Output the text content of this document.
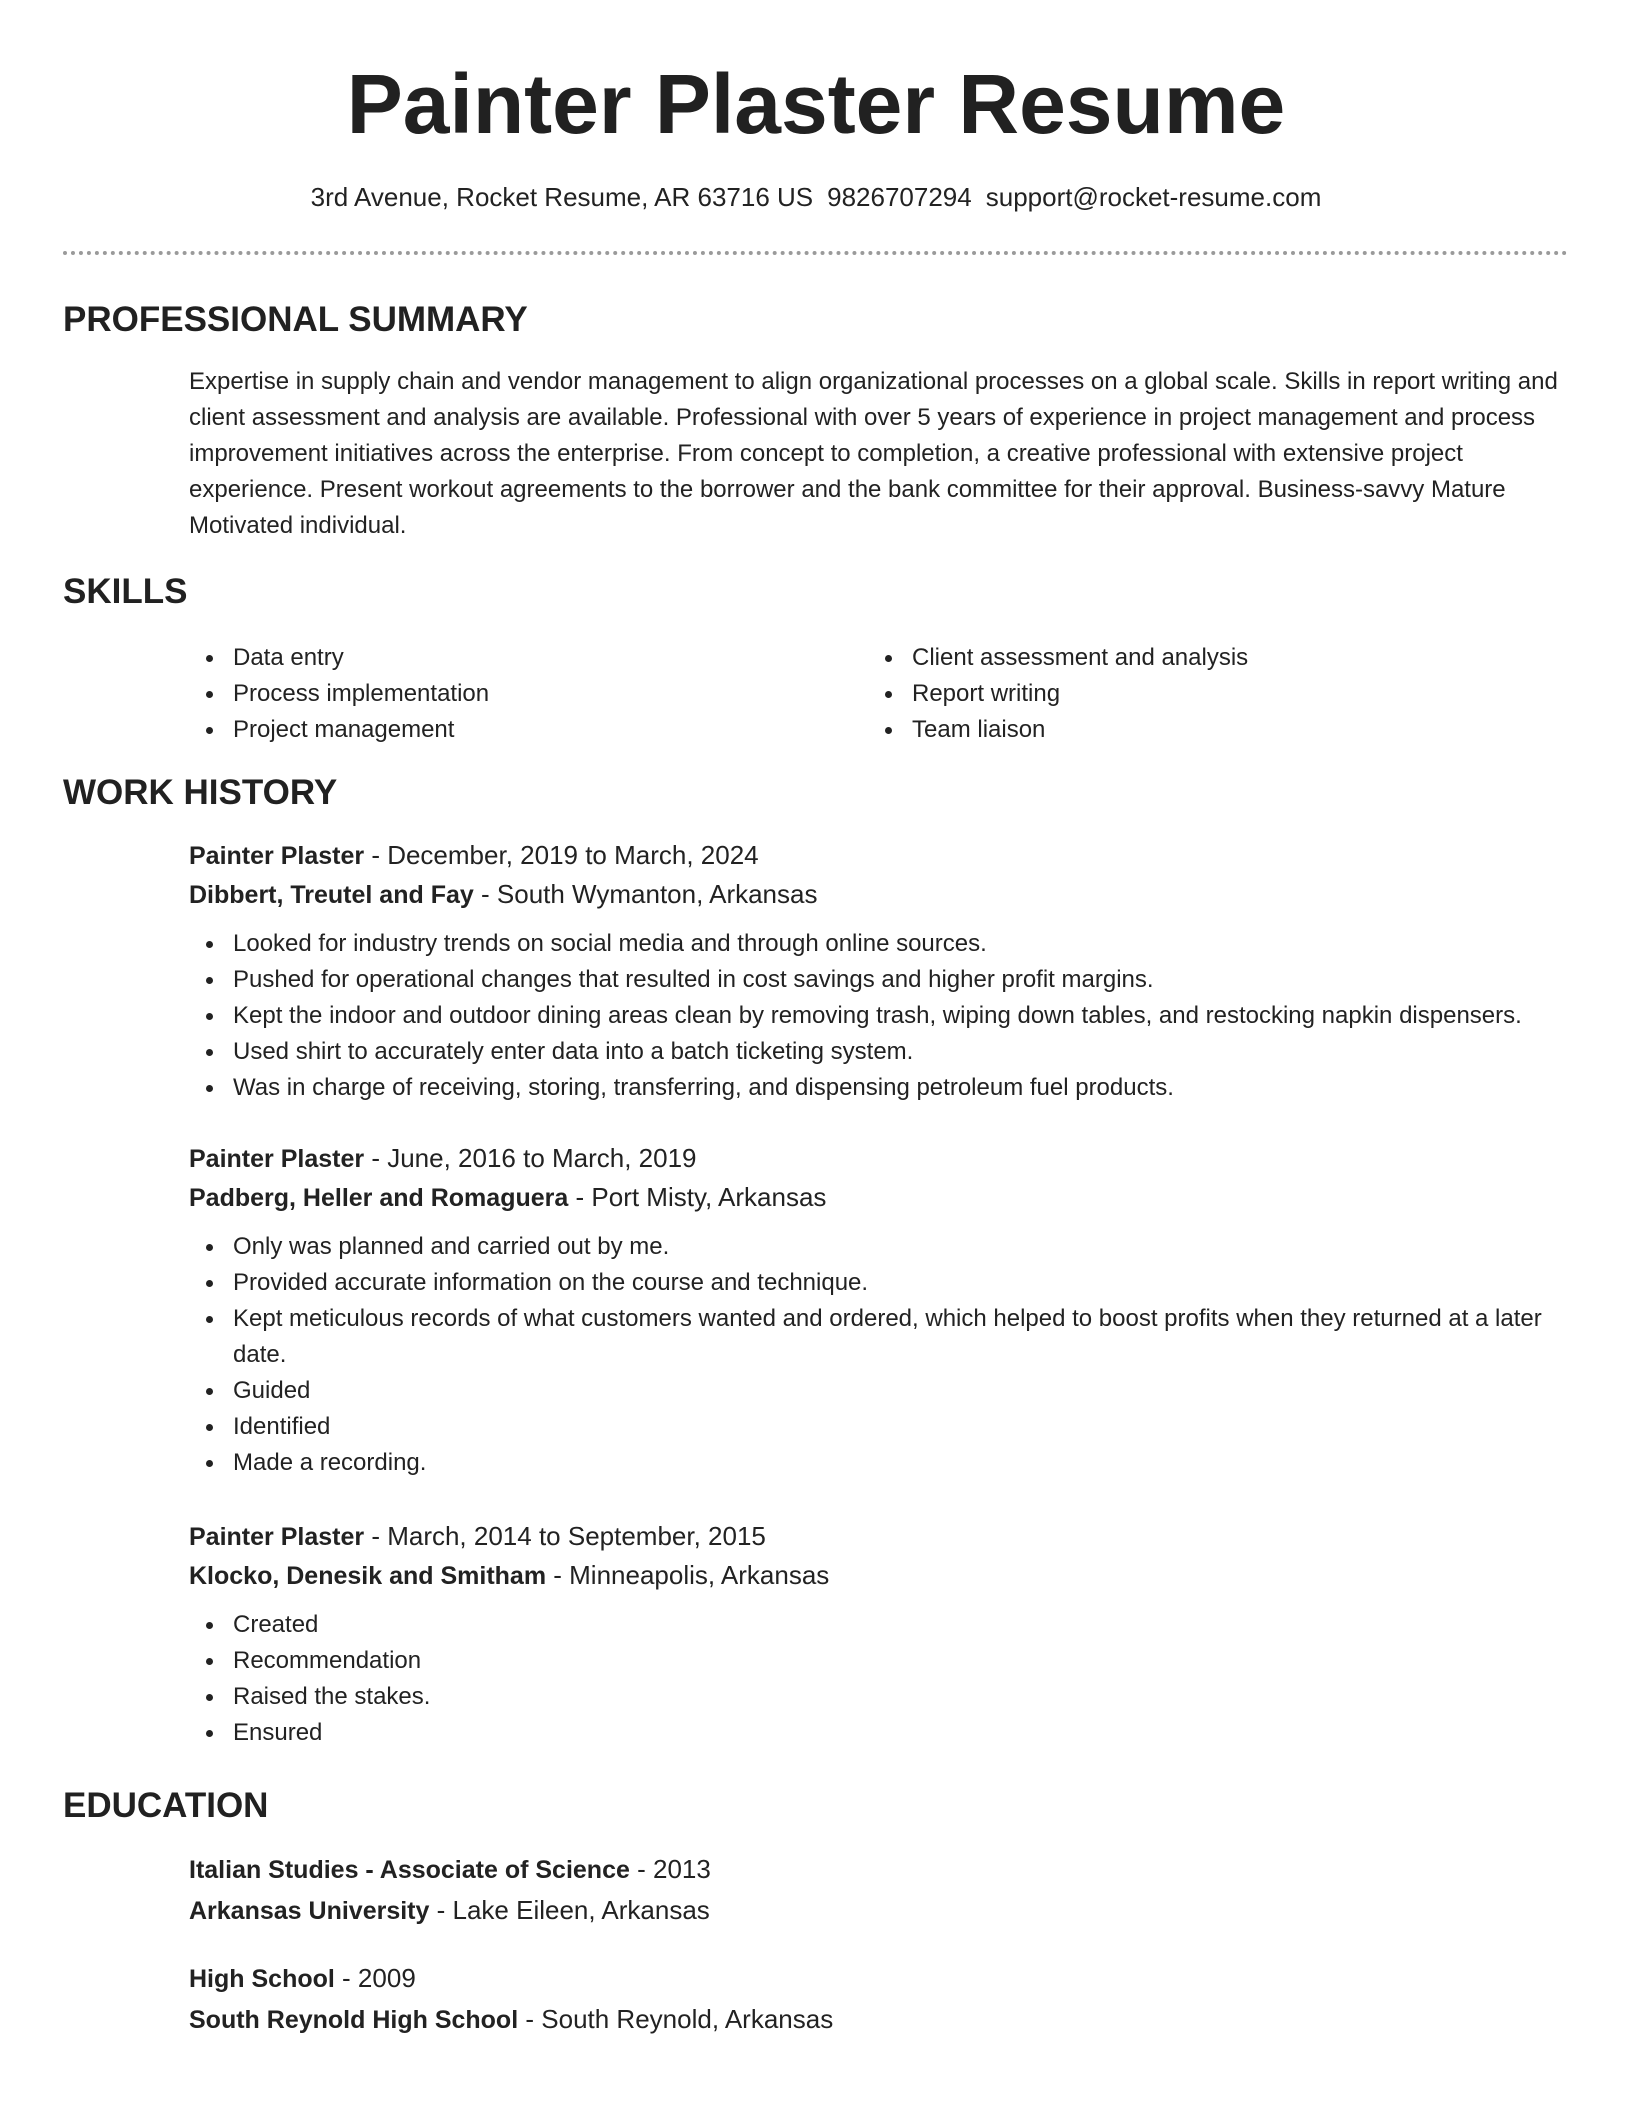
Painter Plaster Resume
3rd Avenue, Rocket Resume, AR 63716 US 9826707294 support@rocket-resume.com
PROFESSIONAL SUMMARY
Expertise in supply chain and vendor management to align organizational processes on a global scale. Skills in report writing and client assessment and analysis are available. Professional with over 5 years of experience in project management and process improvement initiatives across the enterprise. From concept to completion, a creative professional with extensive project experience. Present workout agreements to the borrower and the bank committee for their approval. Business-savvy Mature Motivated individual.
SKILLS
Data entry
Process implementation
Project management
Client assessment and analysis
Report writing
Team liaison
WORK HISTORY
Painter Plaster - December, 2019 to March, 2024
Dibbert, Treutel and Fay - South Wymanton, Arkansas
Looked for industry trends on social media and through online sources.
Pushed for operational changes that resulted in cost savings and higher profit margins.
Kept the indoor and outdoor dining areas clean by removing trash, wiping down tables, and restocking napkin dispensers.
Used shirt to accurately enter data into a batch ticketing system.
Was in charge of receiving, storing, transferring, and dispensing petroleum fuel products.
Painter Plaster - June, 2016 to March, 2019
Padberg, Heller and Romaguera - Port Misty, Arkansas
Only was planned and carried out by me.
Provided accurate information on the course and technique.
Kept meticulous records of what customers wanted and ordered, which helped to boost profits when they returned at a later date.
Guided
Identified
Made a recording.
Painter Plaster - March, 2014 to September, 2015
Klocko, Denesik and Smitham - Minneapolis, Arkansas
Created
Recommendation
Raised the stakes.
Ensured
EDUCATION
Italian Studies - Associate of Science - 2013
Arkansas University - Lake Eileen, Arkansas
High School - 2009
South Reynold High School - South Reynold, Arkansas
